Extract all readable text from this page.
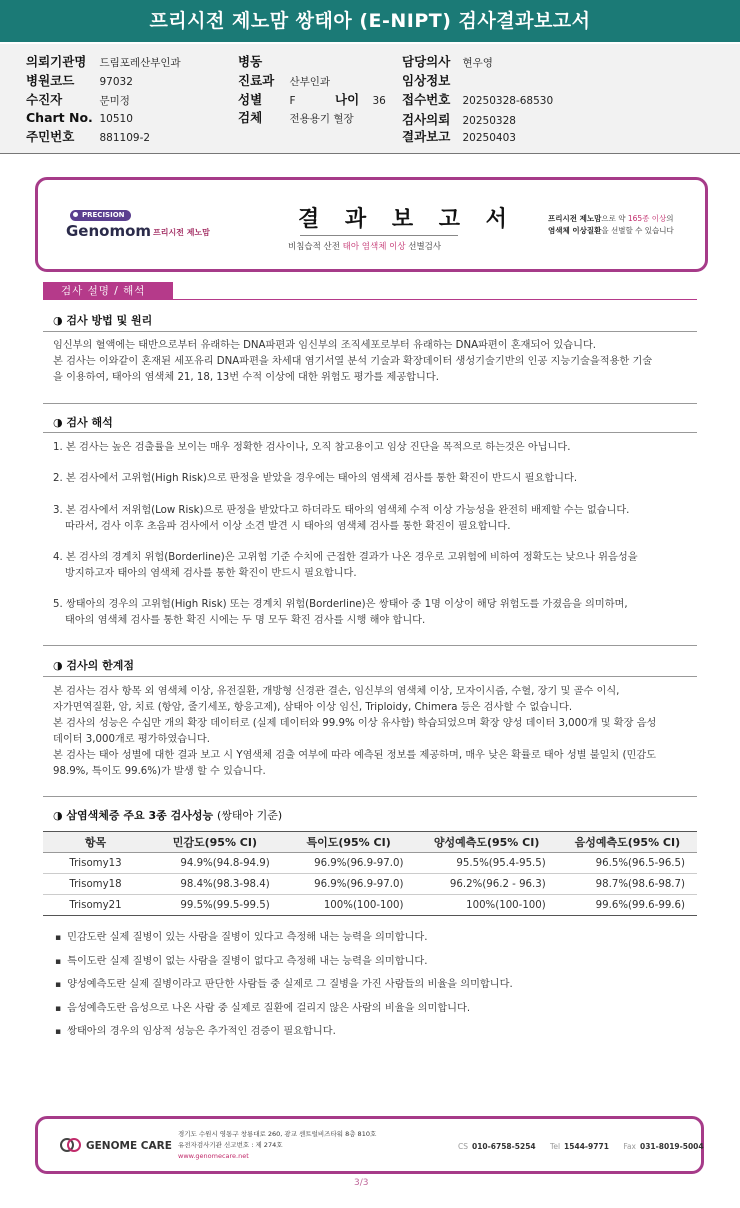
프리시전 제노맘 쌍태아 (E-NIPT) 검사결과보고서
의뢰기관명 드림포레산부인과
병원코드 97032
수진자	문미정
Chart No. 10510
주민번호 881109-2
병동
진료과 산부인과
성별	F	나이 36
검체	전용용기 혈장
담당의사 현우영
임상정보
접수번호 20250328-68530
검사의뢰 20250328
결과보고 20250403
PRECISION
Genomom 프리시전 제노맘
결 과 보 고 서
비침습적 산전 태아 염색체 이상 선별검사
프리시전 제노맘으로 약 165종 이상의
염색체 이상질환을 선별할 수 있습니다
검사 설명 / 해석
◑ 검사 방법 및 원리
임신부의 혈액에는 태반으로부터 유래하는 DNA파편과 임신부의 조직세포로부터 유래하는 DNA파편이 혼재되어 있습니다.
본 검사는 이와같이 혼재된 세포유리 DNA파편을 차세대 염기서열 분석 기술과 확장데이터 생성기술기반의 인공 지능기술을적용한 기술
을 이용하여, 태아의 염색체 21, 18, 13번 수적 이상에 대한 위험도 평가를 제공합니다.
◑ 검사 해석
1. 본 검사는 높은 검출률을 보이는 매우 정확한 검사이나, 오직 참고용이고 임상 진단을 목적으로 하는것은 아닙니다.
2. 본 검사에서 고위험(High Risk)으로 판정을 받았을 경우에는 태아의 염색체 검사를 통한 확진이 반드시 필요합니다.
3. 본 검사에서 저위험(Low Risk)으로 판정을 받았다고 하더라도 태아의 염색체 수적 이상 가능성을 완전히 배제할 수는 없습니다.
따라서, 검사 이후 초음파 검사에서 이상 소견 발견 시 태아의 염색체 검사를 통한 확진이 필요합니다.
4. 본 검사의 경계치 위험(Borderline)은 고위험 기준 수치에 근접한 결과가 나온 경우로 고위험에 비하여 정확도는 낮으나 위음성을
방지하고자 태아의 염색체 검사를 통한 확진이 반드시 필요합니다.
5. 쌍태아의 경우의 고위험(High Risk) 또는 경계치 위험(Borderline)은 쌍태아 중 1명 이상이 해당 위험도를 가졌음을 의미하며,
태아의 염색체 검사를 통한 확진 시에는 두 명 모두 확진 검사를 시행 해야 합니다.
◑ 검사의 한계점
본 검사는 검사 항목 외 염색체 이상, 유전질환, 개방형 신경관 결손, 임신부의 염색체 이상, 모자이시즘, 수혈, 장기 및 골수 이식,
자가면역질환, 암, 치료 (항암, 줄기세포, 항응고제), 삼태아 이상 임신, Triploidy, Chimera 등은 검사할 수 없습니다.
본 검사의 성능은 수십만 개의 확장 데이터로 (실제 데이터와 99.9% 이상 유사함) 학습되었으며 확장 양성 데이터 3,000개 및 확장 음성
데이터 3,000개로 평가하였습니다.
본 검사는 태아 성별에 대한 결과 보고 시 Y염색체 검출 여부에 따라 예측된 정보를 제공하며, 매우 낮은 확률로 태아 성별 불일치 (민감도
98.9%, 특이도 99.6%)가 발생 할 수 있습니다.
◑ 삼염색체증 주요 3종 검사성능 (쌍태아 기준)
항목	민감도(95% CI)	특이도(95% CI)	양성예측도(95% CI)	음성예측도(95% CI)
Trisomy13	94.9%(94.8-94.9)	96.9%(96.9-97.0)	95.5%(95.4-95.5)	96.5%(96.5-96.5)
Trisomy18	98.4%(98.3-98.4)	96.9%(96.9-97.0)	96.2%(96.2 - 96.3)	98.7%(98.6-98.7)
Trisomy21	99.5%(99.5-99.5)	100%(100-100)	100%(100-100)	99.6%(99.6-99.6)
▪ 민감도란 실제 질병이 있는 사람을 질병이 있다고 측정해 내는 능력을 의미합니다.
▪ 특이도란 실제 질병이 없는 사람을 질병이 없다고 측정해 내는 능력을 의미합니다.
▪ 양성예측도란 실제 질병이라고 판단한 사람들 중 실제로 그 질병을 가진 사람들의 비율을 의미합니다.
▪ 음성예측도란 음성으로 나온 사람 중 실제로 질환에 걸리지 않은 사람의 비율을 의미합니다.
▪ 쌍태아의 경우의 임상적 성능은 추가적인 검증이 필요합니다.
GENOME CARE
경기도 수원시 영통구 창룡대로 260, 광교 센트럴비즈타워 8층 810호
유전자검사기관 신고번호 : 제 274호
www.genomecare.net
CS 010-6758-5254 Tel 1544-9771 Fax 031-8019-5004
3/3
